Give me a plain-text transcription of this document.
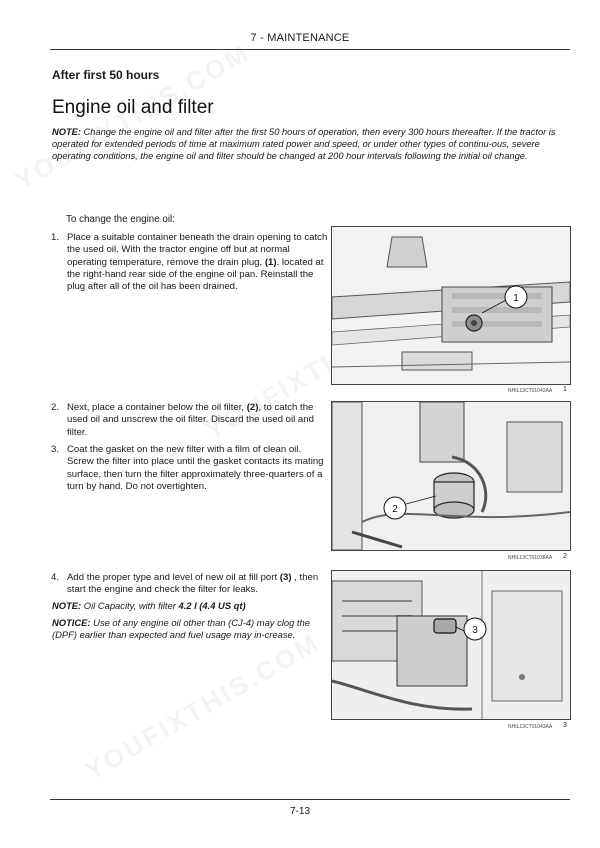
7 - MAINTENANCE
After first 50 hours
Engine oil and filter
NOTE: Change the engine oil and filter after the first 50 hours of operation, then every 300 hours thereafter. If the tractor is operated for extended periods of time at maximum rated power and speed, or under other types of continu-ous, severe operating conditions, the engine oil and filter should be changed at 200 hour intervals following the initial oil change.
To change the engine oil:
1. Place a suitable container beneath the drain opening to catch the used oil. With the tractor engine off but at normal operating temperature, remove the drain plug, (1). located at the right-hand rear side of the engine oil pan. Reinstall the plug after all of the oil has been drained.
2. Next, place a container below the oil filter, (2), to catch the used oil and unscrew the oil filter. Discard the used oil and filter.
3. Coat the gasket on the new filter with a film of clean oil. Screw the filter into place until the gasket contacts its mating surface, then turn the filter approximately three-quarters of a turn by hand. Do not overtighten.
4. Add the proper type and level of new oil at fill port (3) , then start the engine and check the filter for leaks.
NOTE: Oil Capacity, with filter 4.2 l (4.4 US qt)
NOTICE: Use of any engine oil other than (CJ-4) may clog the (DPF) earlier than expected and fuel usage may in-crease.
1
NHIL13CT01042AA 1
2
NHIL13CT01038AA 2
3
NHIL13CT01043AA 3
7-13
